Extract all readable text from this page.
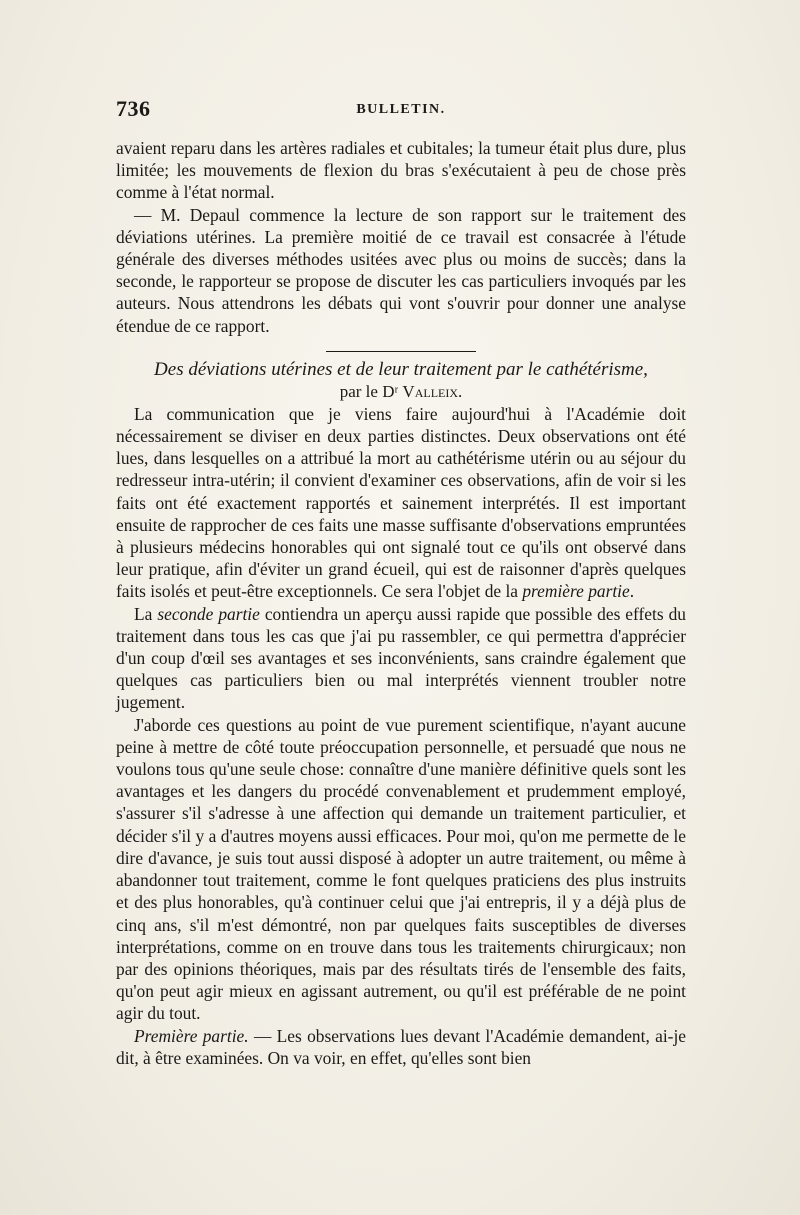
736	BULLETIN.

avaient reparu dans les artères radiales et cubitales; la tumeur était plus dure, plus limitée; les mouvements de flexion du bras s'exécutaient à peu de chose près comme à l'état normal.

— M. Depaul commence la lecture de son rapport sur le traitement des déviations utérines. La première moitié de ce travail est consacrée à l'étude générale des diverses méthodes usitées avec plus ou moins de succès; dans la seconde, le rapporteur se propose de discuter les cas particuliers invoqués par les auteurs. Nous attendrons les débats qui vont s'ouvrir pour donner une analyse étendue de ce rapport.

Des déviations utérines et de leur traitement par le cathétérisme,

par le Dʳ Valleix.

La communication que je viens faire aujourd'hui à l'Académie doit nécessairement se diviser en deux parties distinctes. Deux observations ont été lues, dans lesquelles on a attribué la mort au cathétérisme utérin ou au séjour du redresseur intra-utérin; il convient d'examiner ces observations, afin de voir si les faits ont été exactement rapportés et sainement interprétés. Il est important ensuite de rapprocher de ces faits une masse suffisante d'observations empruntées à plusieurs médecins honorables qui ont signalé tout ce qu'ils ont observé dans leur pratique, afin d'éviter un grand écueil, qui est de raisonner d'après quelques faits isolés et peut-être exceptionnels. Ce sera l'objet de la première partie.

La seconde partie contiendra un aperçu aussi rapide que possible des effets du traitement dans tous les cas que j'ai pu rassembler, ce qui permettra d'apprécier d'un coup d'œil ses avantages et ses inconvénients, sans craindre également que quelques cas particuliers bien ou mal interprétés viennent troubler notre jugement.

J'aborde ces questions au point de vue purement scientifique, n'ayant aucune peine à mettre de côté toute préoccupation personnelle, et persuadé que nous ne voulons tous qu'une seule chose: connaître d'une manière définitive quels sont les avantages et les dangers du procédé convenablement et prudemment employé, s'assurer s'il s'adresse à une affection qui demande un traitement particulier, et décider s'il y a d'autres moyens aussi efficaces. Pour moi, qu'on me permette de le dire d'avance, je suis tout aussi disposé à adopter un autre traitement, ou même à abandonner tout traitement, comme le font quelques praticiens des plus instruits et des plus honorables, qu'à continuer celui que j'ai entrepris, il y a déjà plus de cinq ans, s'il m'est démontré, non par quelques faits susceptibles de diverses interprétations, comme on en trouve dans tous les traitements chirurgicaux; non par des opinions théoriques, mais par des résultats tirés de l'ensemble des faits, qu'on peut agir mieux en agissant autrement, ou qu'il est préférable de ne point agir du tout.

Première partie. — Les observations lues devant l'Académie demandent, ai-je dit, à être examinées. On va voir, en effet, qu'elles sont bien
